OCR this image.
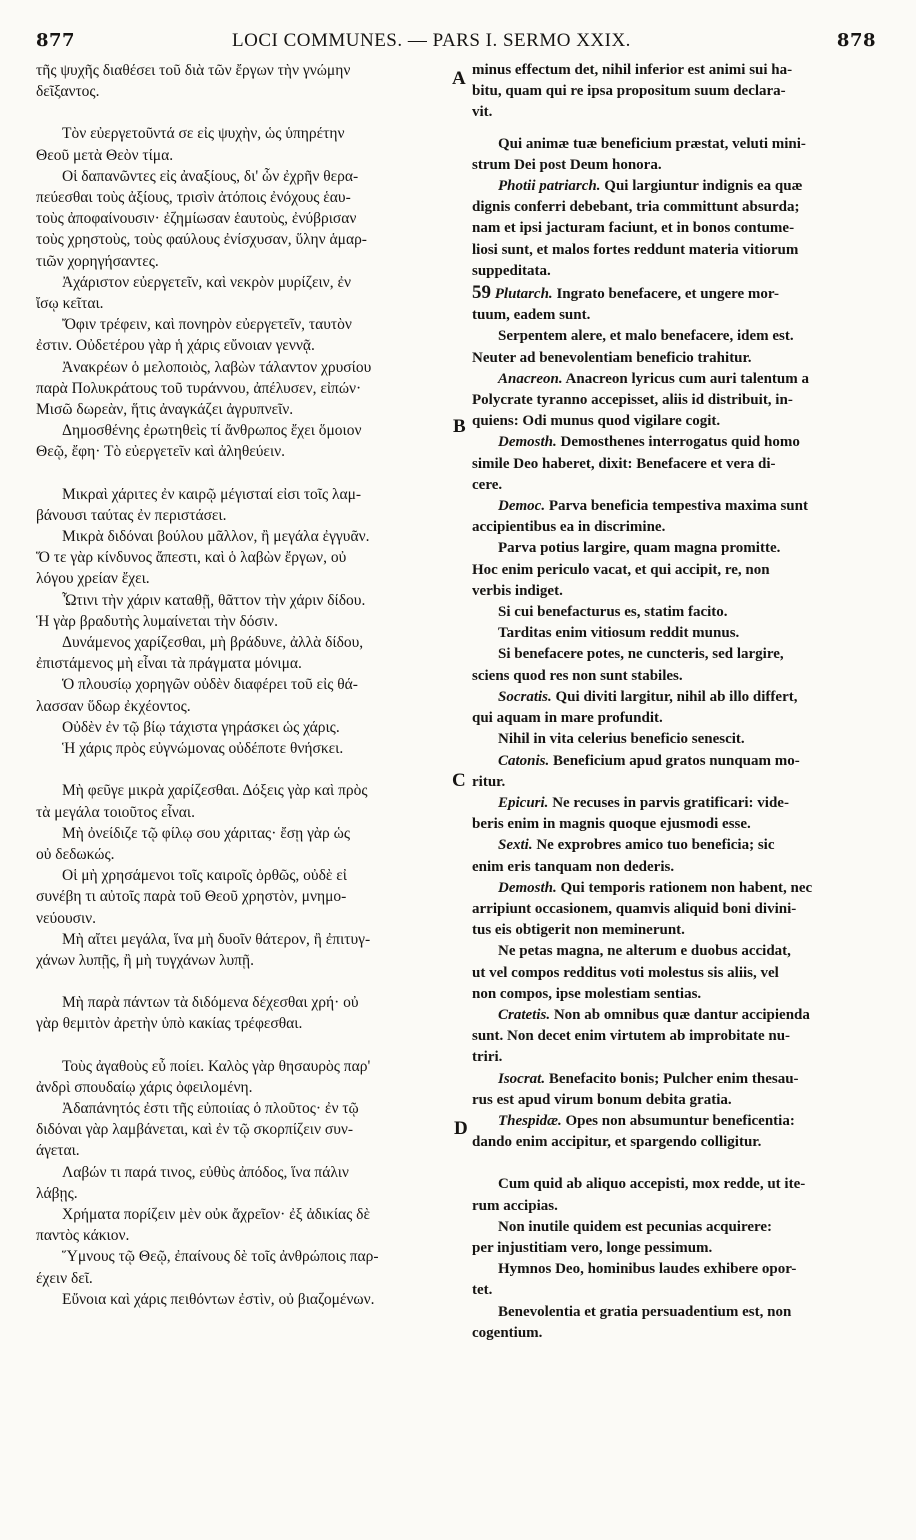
877	LOCI COMMUNES. — PARS I. SERMO XXIX.	878
A
B
C
D

τῆς ψυχῆς διαθέσει τοῦ διὰ τῶν ἔργων τὴν γνώμην

δεῖξαντος.

Τὸν εὐεργετοῦντά σε εἰς ψυχὴν, ὡς ὑπηρέτην

Θεοῦ μετὰ Θεὸν τίμα.

Οἱ δαπανῶντες εἰς ἀναξίους, δι' ὧν ἐχρῆν θερα-

πεύεσθαι τοὺς ἀξίους, τρισὶν ἀτόποις ἐνόχους ἑαυ-

τοὺς ἀποφαίνουσιν· ἐζημίωσαν ἑαυτοὺς, ἐνύβρισαν

τοὺς χρηστοὺς, τοὺς φαύλους ἐνίσχυσαν, ὕλην ἁμαρ-

τιῶν χορηγήσαντες.

Ἀχάριστον εὐεργετεῖν, καὶ νεκρὸν μυρίζειν, ἐν

ἴσῳ κεῖται.

Ὄφιν τρέφειν, καὶ πονηρὸν εὐεργετεῖν, ταυτὸν

ἐστιν. Οὐδετέρου γὰρ ἡ χάρις εὔνοιαν γεννᾷ.

Ἀνακρέων ὁ μελοποιὸς, λαβὼν τάλαντον χρυσίου

παρὰ Πολυκράτους τοῦ τυράννου, ἀπέλυσεν, εἰπών·

Μισῶ δωρεὰν, ἥτις ἀναγκάζει ἀγρυπνεῖν.

Δημοσθένης ἐρωτηθεὶς τί ἄνθρωπος ἔχει ὅμοιον

Θεῷ, ἔφη· Τὸ εὐεργετεῖν καὶ ἀληθεύειν.

Μικραὶ χάριτες ἐν καιρῷ μέγισταί εἰσι τοῖς λαμ-

βάνουσι ταύτας ἐν περιστάσει.

Μικρὰ διδόναι βούλου μᾶλλον, ἢ μεγάλα ἐγγυᾶν.

Ὅ τε γὰρ κίνδυνος ἄπεστι, καὶ ὁ λαβὼν ἔργων, οὐ

λόγου χρείαν ἔχει.

Ὧτινι τὴν χάριν καταθῇ, θᾶττον τὴν χάριν δίδου.

Ἡ γὰρ βραδυτὴς λυμαίνεται τὴν δόσιν.

Δυνάμενος χαρίζεσθαι, μὴ βράδυνε, ἀλλὰ δίδου,

ἐπιστάμενος μὴ εἶναι τὰ πράγματα μόνιμα.

Ὁ πλουσίῳ χορηγῶν οὐδὲν διαφέρει τοῦ εἰς θά-

λασσαν ὕδωρ ἐκχέοντος.

Οὐδὲν ἐν τῷ βίῳ τάχιστα γηράσκει ὡς χάρις.

Ἡ χάρις πρὸς εὐγνώμονας οὐδέποτε θνήσκει.

Μὴ φεῦγε μικρὰ χαρίζεσθαι. Δόξεις γὰρ καὶ πρὸς

τὰ μεγάλα τοιοῦτος εἶναι.

Μὴ ὀνείδιζε τῷ φίλῳ σου χάριτας· ἔσῃ γὰρ ὡς

οὐ δεδωκώς.

Οἱ μὴ χρησάμενοι τοῖς καιροῖς ὀρθῶς, οὐδὲ εἰ

συνέβη τι αὐτοῖς παρὰ τοῦ Θεοῦ χρηστὸν, μνημο-

νεύουσιν.

Μὴ αἴτει μεγάλα, ἵνα μὴ δυοῖν θάτερον, ἢ ἐπιτυγ-

χάνων λυπῇς, ἢ μὴ τυγχάνων λυπῇ.

Μὴ παρὰ πάντων τὰ διδόμενα δέχεσθαι χρή· οὐ

γὰρ θεμιτὸν ἀρετὴν ὑπὸ κακίας τρέφεσθαι.

Τοὺς ἀγαθοὺς εὖ ποίει. Καλὸς γὰρ θησαυρὸς παρ'

ἀνδρὶ σπουδαίῳ χάρις ὀφειλομένη.

Ἀδαπάνητός ἐστι τῆς εὐποιίας ὁ πλοῦτος· ἐν τῷ

διδόναι γὰρ λαμβάνεται, καὶ ἐν τῷ σκορπίζειν συν-

άγεται.

Λαβών τι παρά τινος, εὐθὺς ἀπόδος, ἵνα πάλιν

λάβῃς.

Χρήματα πορίζειν μὲν οὐκ ἄχρεῖον· ἐξ ἀδικίας δὲ

παντὸς κάκιον.

Ὕμνους τῷ Θεῷ, ἐπαίνους δὲ τοῖς ἀνθρώποις παρ-

έχειν δεῖ.

Εὔνοια καὶ χάρις πειθόντων ἐστὶν, οὐ βιαζομένων.

minus effectum det, nihil inferior est animi sui ha-

bitu, quam qui re ipsa propositum suum declara-

vit.

Qui animæ tuæ beneficium præstat, veluti mini-

strum Dei post Deum honora.

Photii patriarch. Qui largiuntur indignis ea quæ

dignis conferri debebant, tria committunt absurda;

nam et ipsi jacturam faciunt, et in bonos contume-

liosi sunt, et malos fortes reddunt materia vitiorum

suppeditata.

59 Plutarch. Ingrato benefacere, et ungere mor-

tuum, eadem sunt.

Serpentem alere, et malo benefacere, idem est.

Neuter ad benevolentiam beneficio trahitur.

Anacreon. Anacreon lyricus cum auri talentum a

Polycrate tyranno accepisset, aliis id distribuit, in-

quiens: Odi munus quod vigilare cogit.

Demosth. Demosthenes interrogatus quid homo

simile Deo haberet, dixit: Benefacere et vera di-

cere.

Democ. Parva beneficia tempestiva maxima sunt

accipientibus ea in discrimine.

Parva potius largire, quam magna promitte.

Hoc enim periculo vacat, et qui accipit, re, non

verbis indiget.

Si cui benefacturus es, statim facito.

Tarditas enim vitiosum reddit munus.

Si benefacere potes, ne cuncteris, sed largire,

sciens quod res non sunt stabiles.

Socratis. Qui diviti largitur, nihil ab illo differt,

qui aquam in mare profundit.

Nihil in vita celerius beneficio senescit.

Catonis. Beneficium apud gratos nunquam mo-

ritur.

Epicuri. Ne recuses in parvis gratificari: vide-

beris enim in magnis quoque ejusmodi esse.

Sexti. Ne exprobres amico tuo beneficia; sic

enim eris tanquam non dederis.

Demosth. Qui temporis rationem non habent, nec

arripiunt occasionem, quamvis aliquid boni divini-

tus eis obtigerit non meminerunt.

Ne petas magna, ne alterum e duobus accidat,

ut vel compos redditus voti molestus sis aliis, vel

non compos, ipse molestiam sentias.

Cratetis. Non ab omnibus quæ dantur accipienda

sunt. Non decet enim virtutem ab improbitate nu-

triri.

Isocrat. Benefacito bonis; Pulcher enim thesau-

rus est apud virum bonum debita gratia.

Thespidæ. Opes non absumuntur beneficentia:

dando enim accipitur, et spargendo colligitur.

Cum quid ab aliquo accepisti, mox redde, ut ite-

rum accipias.

Non inutile quidem est pecunias acquirere:

per injustitiam vero, longe pessimum.

Hymnos Deo, hominibus laudes exhibere opor-

tet.

Benevolentia et gratia persuadentium est, non

cogentium.
